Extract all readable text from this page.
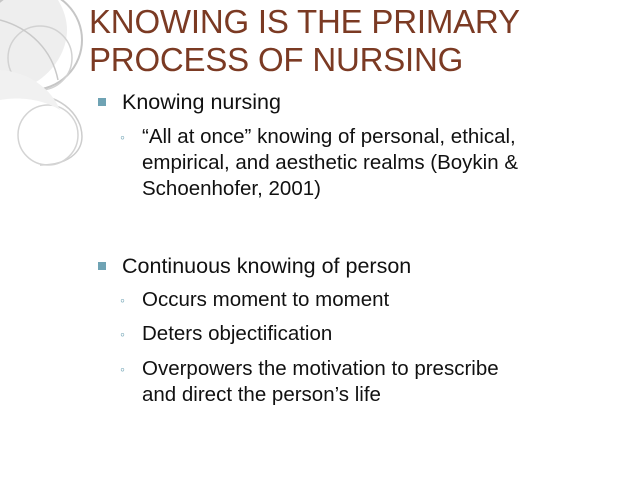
KNOWING IS THE PRIMARY
PROCESS OF NURSING
Knowing nursing
◦ “All at once” knowing of personal, ethical,
empirical, and aesthetic realms (Boykin &
Schoenhofer, 2001)
Continuous knowing of person
◦ Occurs moment to moment
◦ Deters objectification
◦ Overpowers the motivation to prescribe
and direct the person’s life
